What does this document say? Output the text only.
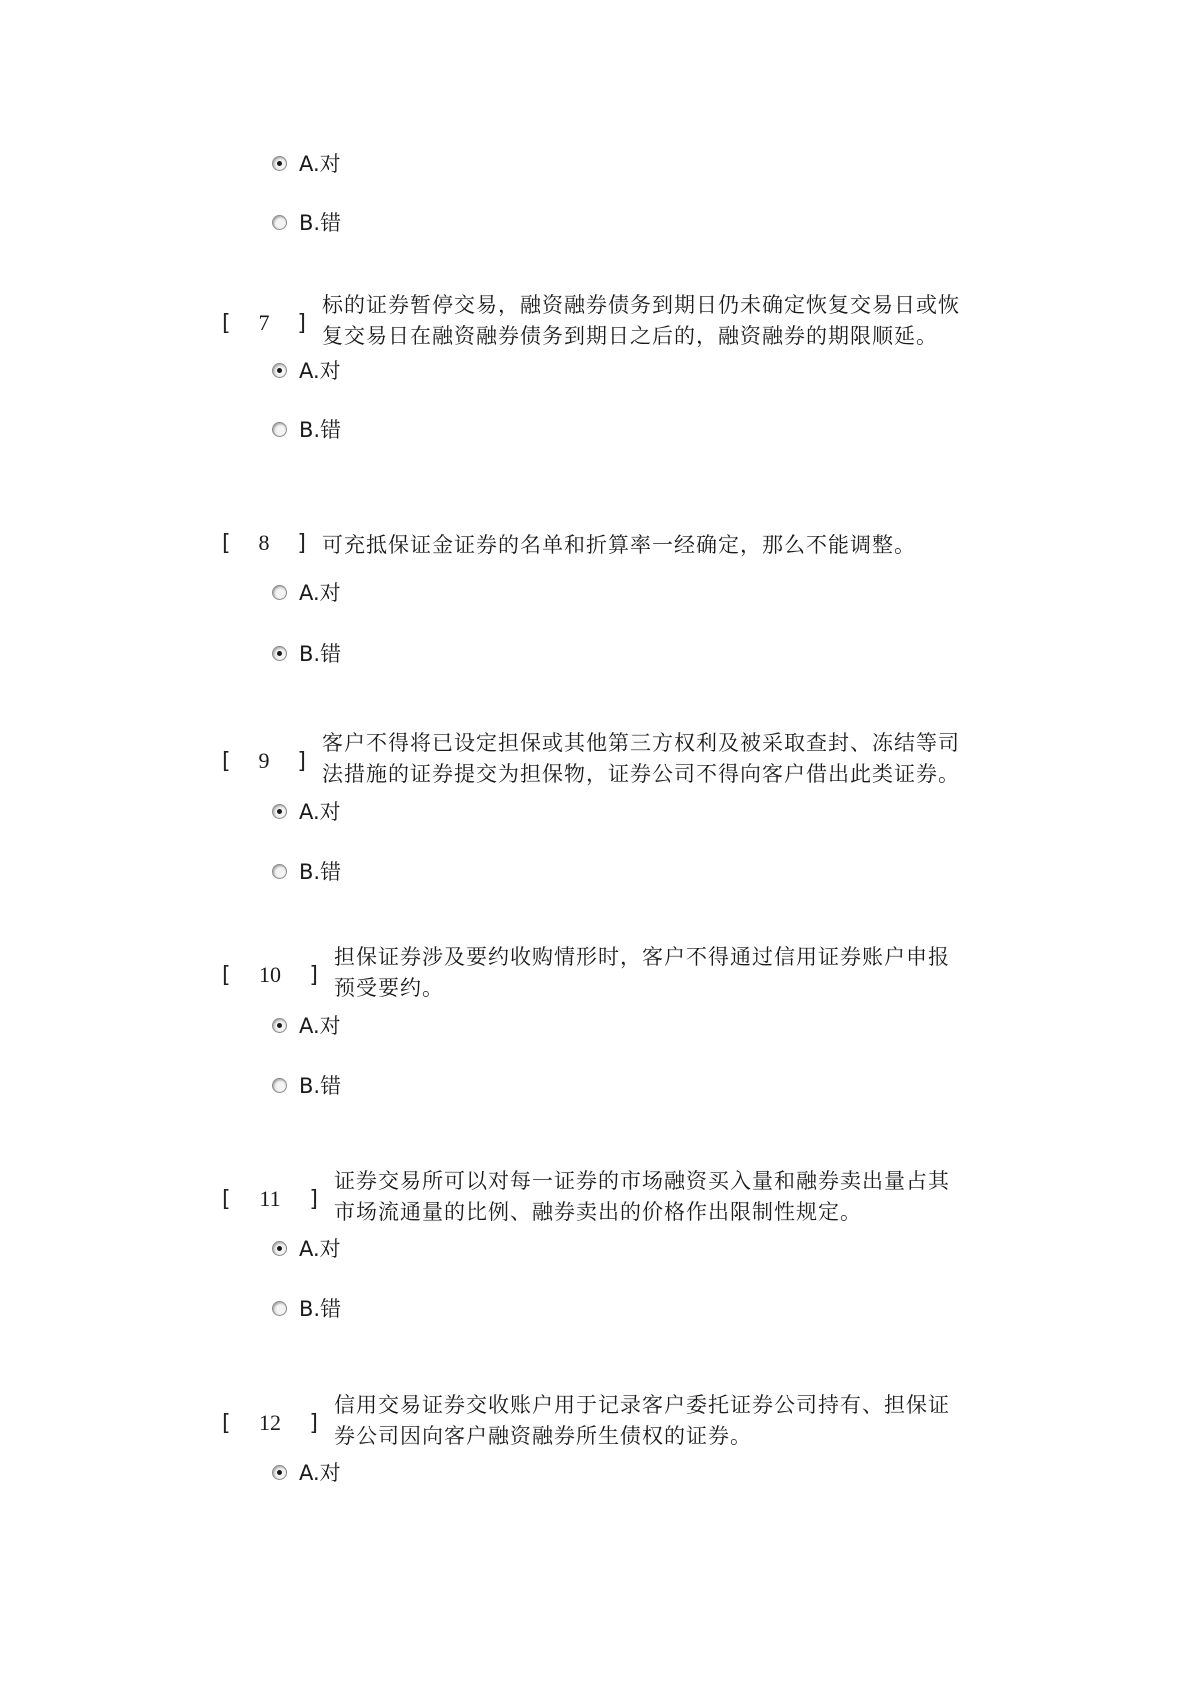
A.对
B.错
[ 7 ]
标的证券暂停交易，融资融券债务到期日仍未确定恢复交易日或恢
复交易日在融资融券债务到期日之后的，融资融券的期限顺延。
A.对
B.错
[ 8 ] 可充抵保证金证券的名单和折算率一经确定，那么不能调整。
A.对
B.错
[ 9 ]
客户不得将已设定担保或其他第三方权利及被采取查封、冻结等司
法措施的证券提交为担保物，证券公司不得向客户借出此类证券。
A.对
B.错
[ 10 ]
担保证券涉及要约收购情形时，客户不得通过信用证券账户申报
预受要约。
A.对
B.错
[ 11 ]
证券交易所可以对每一证券的市场融资买入量和融券卖出量占其
市场流通量的比例、融券卖出的价格作出限制性规定。
A.对
B.错
[ 12 ]
信用交易证券交收账户用于记录客户委托证券公司持有、担保证
券公司因向客户融资融券所生债权的证券。
A.对
